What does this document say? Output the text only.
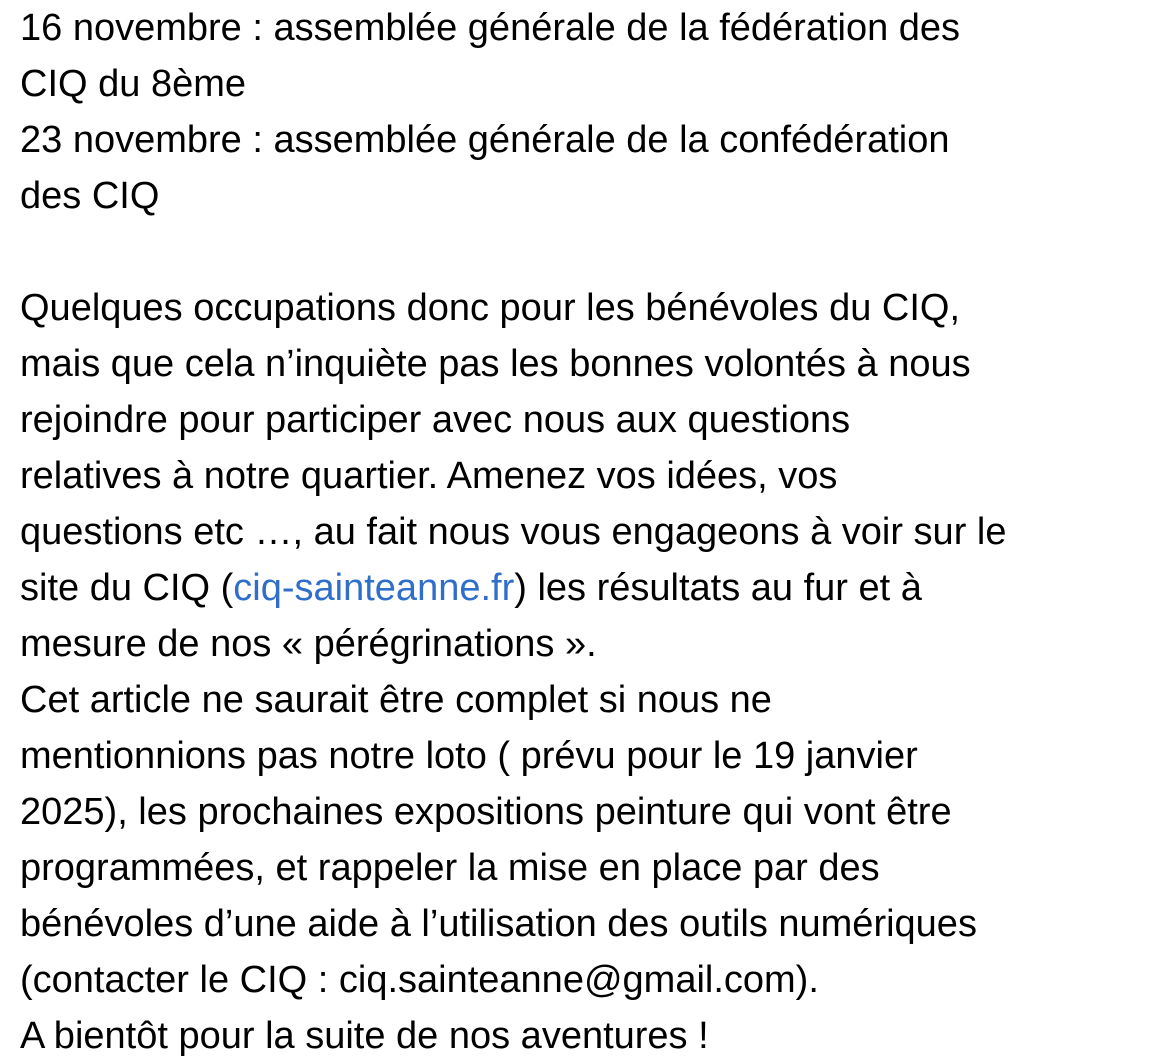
16 novembre : assemblée générale de la fédération des
CIQ du 8ème
23 novembre : assemblée générale de la confédération
des CIQ
Quelques occupations donc pour les bénévoles du CIQ,
mais que cela n’inquiète pas les bonnes volontés à nous
rejoindre pour participer avec nous aux questions
relatives à notre quartier. Amenez vos idées, vos
questions etc …, au fait nous vous engageons à voir sur le
site du CIQ (ciq-sainteanne.fr) les résultats au fur et à
mesure de nos « pérégrinations ».
Cet article ne saurait être complet si nous ne
mentionnions pas notre loto ( prévu pour le 19 janvier
2025), les prochaines expositions peinture qui vont être
programmées, et rappeler la mise en place par des
bénévoles d’une aide à l’utilisation des outils numériques
(contacter le CIQ : ciq.sainteanne@gmail.com).
A bientôt pour la suite de nos aventures !
